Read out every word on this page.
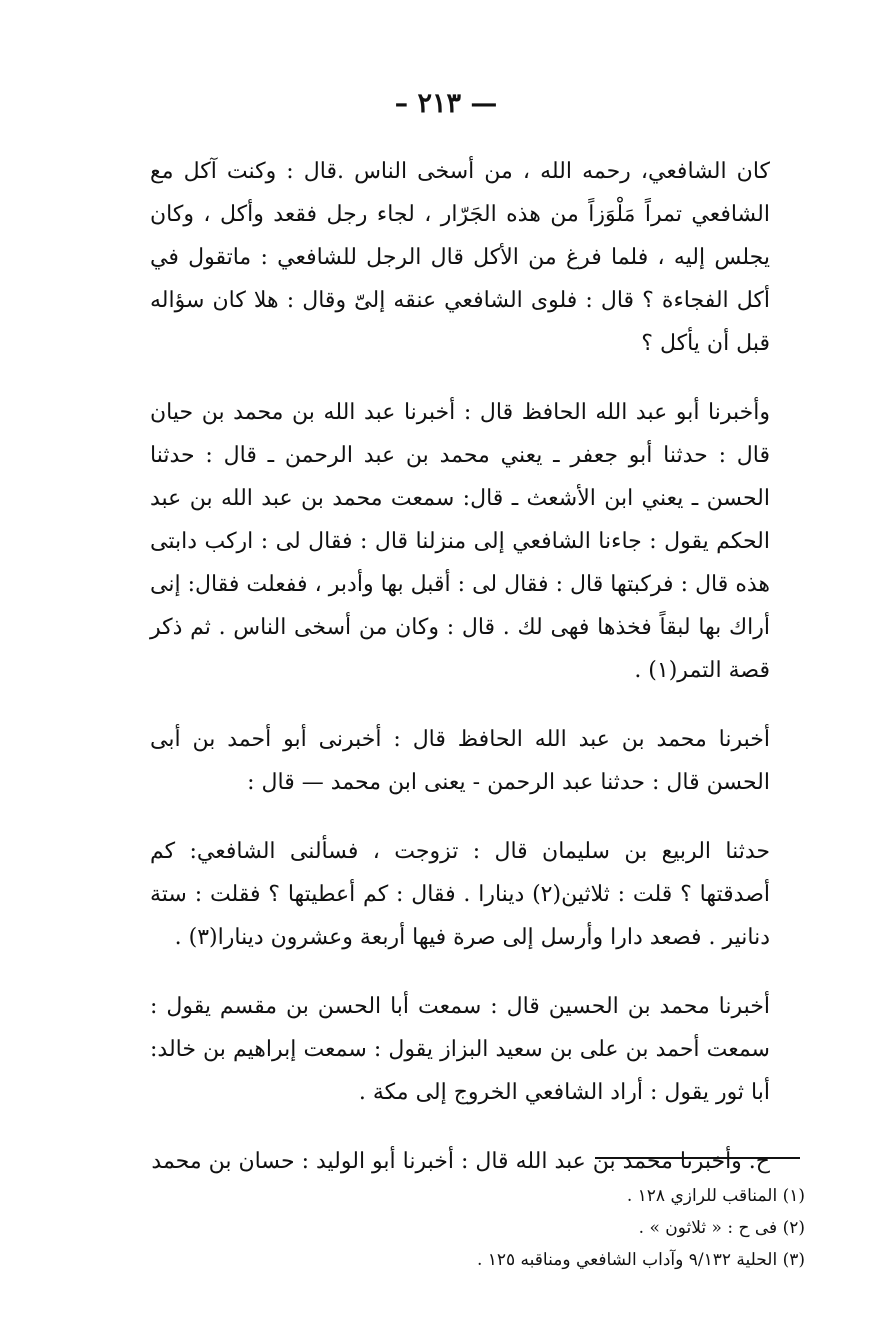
— ٢١٣ –

كان الشافعي، رحمه الله ، من أسخى الناس .قال : وكنت آكل مع الشافعي تمراً مَلْوَزاً من هذه الجَرّار ، لجاء رجل فقعد وأكل ، وكان يجلس إليه ، فلما فرغ من الأكل قال الرجل للشافعي : ماتقول في أكل الفجاءة ؟ قال : فلوى الشافعي عنقه إلىّ وقال : هلا كان سؤاله قبل أن يأكل ؟

وأخبرنا أبو عبد الله الحافظ قال : أخبرنا عبد الله بن محمد بن حيان قال : حدثنا أبو جعفر ـ يعني محمد بن عبد الرحمن ـ قال : حدثنا الحسن ـ يعني ابن الأشعث ـ قال: سمعت محمد بن عبد الله بن عبد الحكم يقول : جاءنا الشافعي إلى منزلنا قال : فقال لى : اركب دابتى هذه قال : فركبتها قال : فقال لى : أقبل بها وأدبر ، ففعلت فقال: إنى أراك بها لبقاً فخذها فهى لك . قال : وكان من أسخى الناس . ثم ذكر قصة التمر(١) .

أخبرنا محمد بن عبد الله الحافظ قال : أخبرنى أبو أحمد بن أبى الحسن قال : حدثنا عبد الرحمن - يعنى ابن محمد — قال :

حدثنا الربيع بن سليمان قال : تزوجت ، فسألنى الشافعي: كم أصدقتها ؟ قلت : ثلاثين(٢) دينارا . فقال : كم أعطيتها ؟ فقلت : ستة دنانير . فصعد دارا وأرسل إلى صرة فيها أربعة وعشرون دينارا(٣) .

أخبرنا محمد بن الحسين قال : سمعت أبا الحسن بن مقسم يقول : سمعت أحمد بن على بن سعيد البزاز يقول : سمعت إبراهيم بن خالد: أبا ثور يقول : أراد الشافعي الخروج إلى مكة .

ح. وأخبرنا محمد بن عبد الله قال : أخبرنا أبو الوليد : حسان بن محمد

(١) المناقب للرازي ١٢٨ .

(٢) فى ح : « ثلاثون » .

(٣) الحلية ٩/١٣٢ وآداب الشافعي ومناقبه ١٢٥ .
